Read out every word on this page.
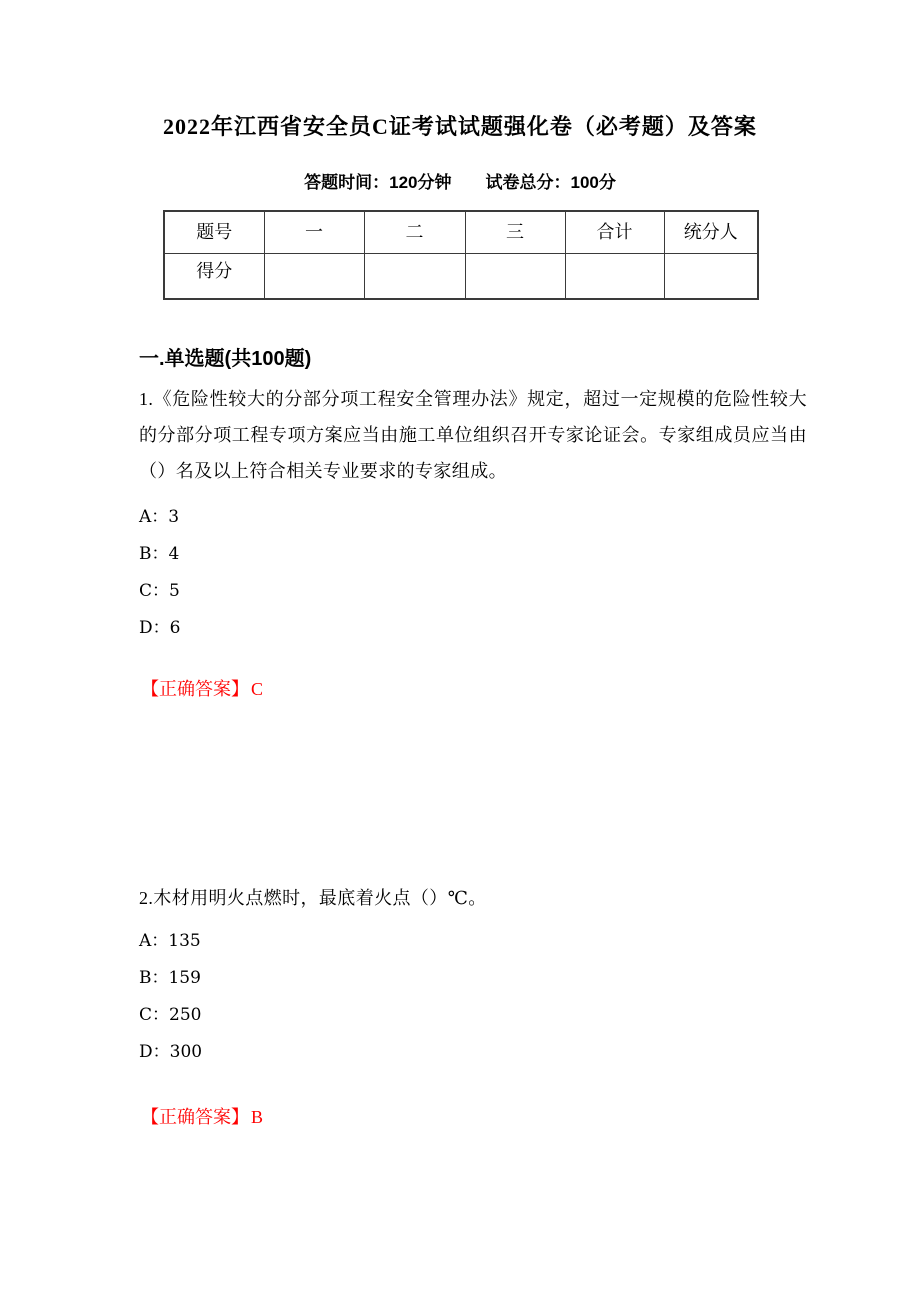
2022年江西省安全员C证考试试题强化卷（必考题）及答案
答题时间：120分钟 试卷总分：100分
题号	一	二	三	合计	统分人
得分					
一.单选题(共100题)
1.《危险性较大的分部分项工程安全管理办法》规定，超过一定规模的危险性较大的分部分项工程专项方案应当由施工单位组织召开专家论证会。专家组成员应当由（）名及以上符合相关专业要求的专家组成。
A：3
B：4
C：5
D：6
【正确答案】 C
2.木材用明火点燃时，最底着火点（）℃。
A：135
B：159
C：250
D：300
【正确答案】 B
